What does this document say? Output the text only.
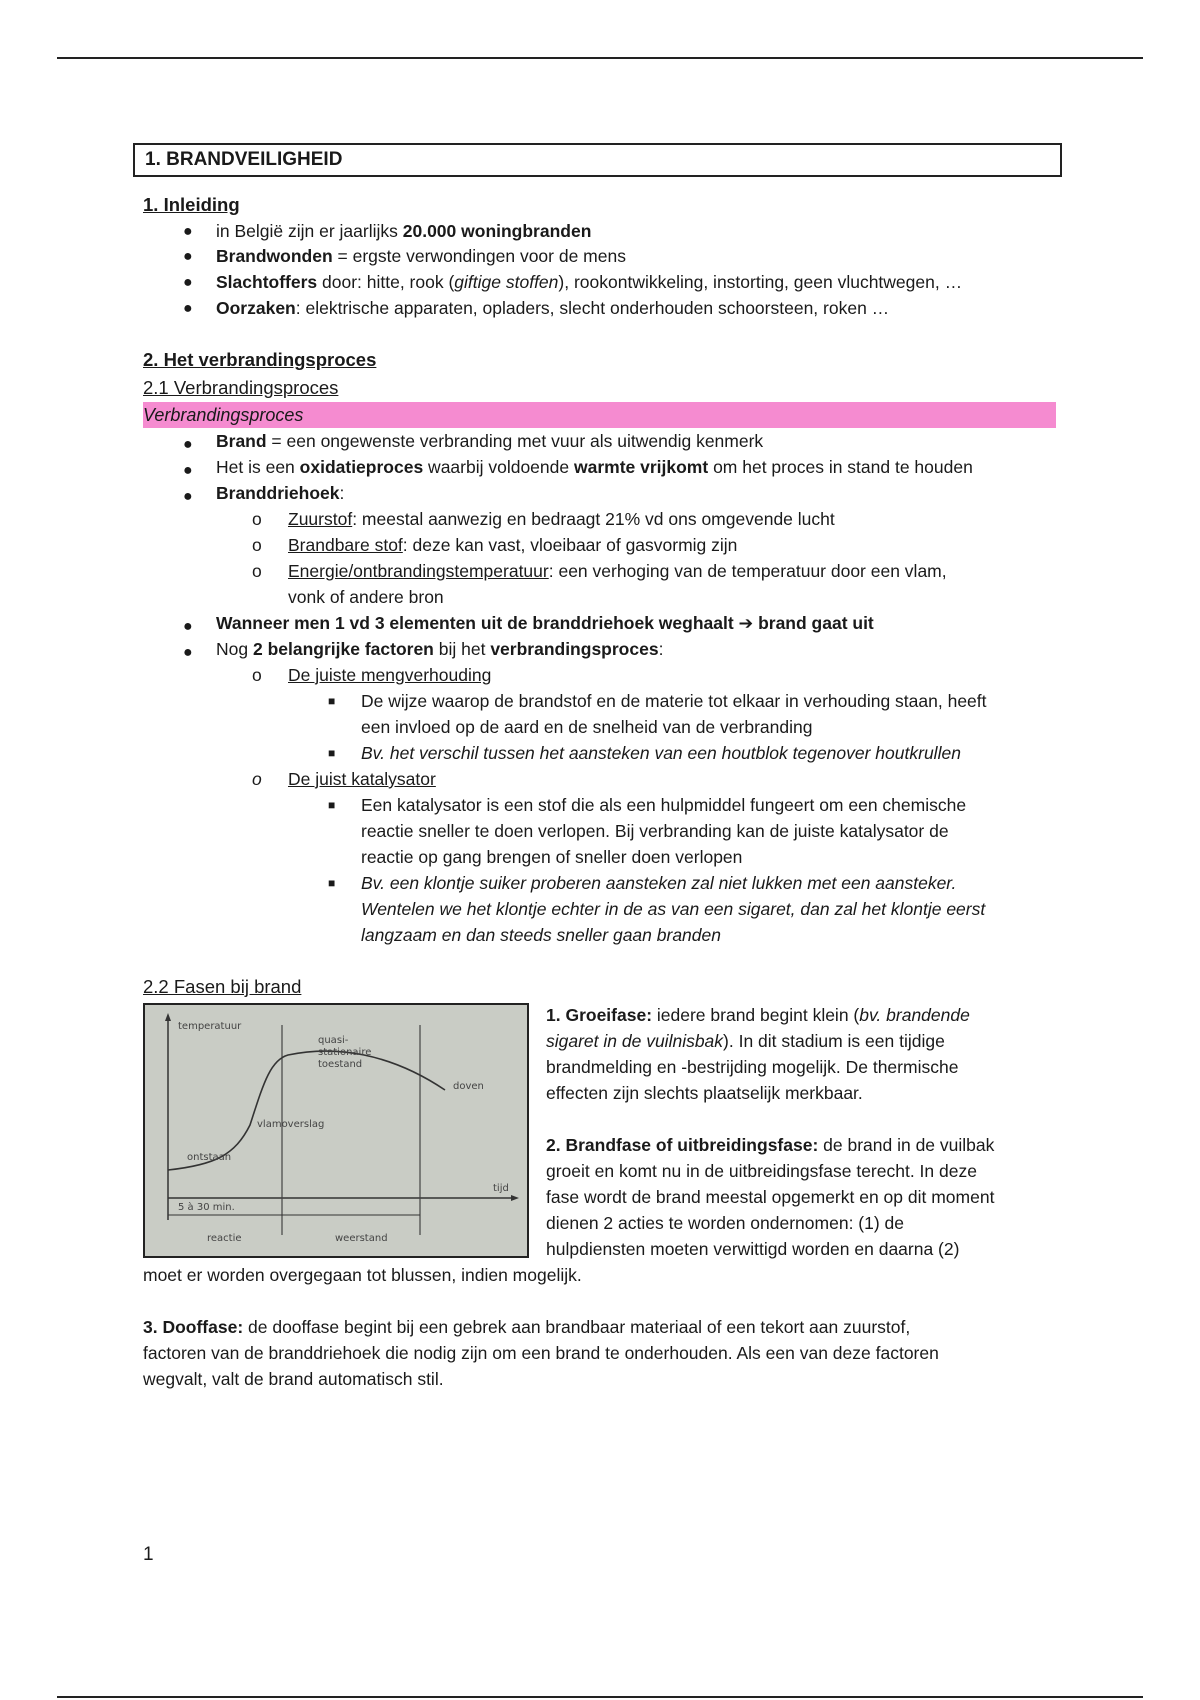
1. BRANDVEILIGHEID
1. Inleiding
● in België zijn er jaarlijks 20.000 woningbranden
● Brandwonden = ergste verwondingen voor de mens
● Slachtoffers door: hitte, rook (giftige stoffen), rookontwikkeling, instorting, geen vluchtwegen, …
● Oorzaken: elektrische apparaten, opladers, slecht onderhouden schoorsteen, roken …
2. Het verbrandingsproces
2.1 Verbrandingsproces
Verbrandingsproces
● Brand = een ongewenste verbranding met vuur als uitwendig kenmerk
● Het is een oxidatieproces waarbij voldoende warmte vrijkomt om het proces in stand te houden
● Branddriehoek:
o Zuurstof: meestal aanwezig en bedraagt 21% vd ons omgevende lucht
o Brandbare stof: deze kan vast, vloeibaar of gasvormig zijn
o Energie/ontbrandingstemperatuur: een verhoging van de temperatuur door een vlam,
vonk of andere bron
● Wanneer men 1 vd 3 elementen uit de branddriehoek weghaalt ➔ brand gaat uit
● Nog 2 belangrijke factoren bij het verbrandingsproces:
o De juiste mengverhouding
■ De wijze waarop de brandstof en de materie tot elkaar in verhouding staan, heeft
een invloed op de aard en de snelheid van de verbranding
■ Bv. het verschil tussen het aansteken van een houtblok tegenover houtkrullen
o De juist katalysator
■ Een katalysator is een stof die als een hulpmiddel fungeert om een chemische
reactie sneller te doen verlopen. Bij verbranding kan de juiste katalysator de
reactie op gang brengen of sneller doen verlopen
■ Bv. een klontje suiker proberen aansteken zal niet lukken met een aansteker.
Wentelen we het klontje echter in de as van een sigaret, dan zal het klontje eerst
langzaam en dan steeds sneller gaan branden
2.2 Fasen bij brand
temperatuur
tijd
ontstaan
vlamoverslag
quasi-
stationaire
toestand
doven
5 à 30 min.
reactie	weerstand
1. Groeifase: iedere brand begint klein (bv. brandende
sigaret in de vuilnisbak). In dit stadium is een tijdige
brandmelding en -bestrijding mogelijk. De thermische
effecten zijn slechts plaatselijk merkbaar.
2. Brandfase of uitbreidingsfase: de brand in de vuilbak
groeit en komt nu in de uitbreidingsfase terecht. In deze
fase wordt de brand meestal opgemerkt en op dit moment
dienen 2 acties te worden ondernomen: (1) de
hulpdiensten moeten verwittigd worden en daarna (2)
moet er worden overgegaan tot blussen, indien mogelijk.
3. Dooffase: de dooffase begint bij een gebrek aan brandbaar materiaal of een tekort aan zuurstof,
factoren van de branddriehoek die nodig zijn om een brand te onderhouden. Als een van deze factoren
wegvalt, valt de brand automatisch stil.
1
